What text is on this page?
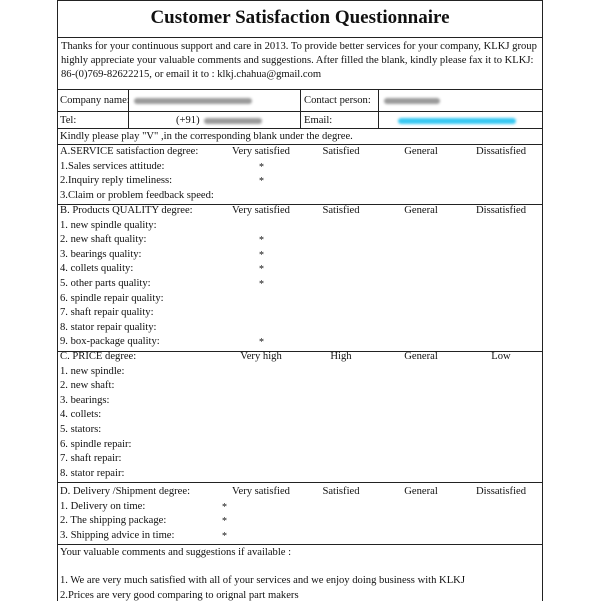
Customer Satisfaction Questionnaire
Thanks for your continuous support and care in 2013. To provide better services for your company, KLKJ group highly appreciate your valuable comments and suggestions. After filled the blank, kindly please fax it to KLKJ: 86-(0)769-82622215, or email it to : klkj.chahua@gmail.com
Company name:	Contact person:
Tel:	(+91)	Email:
Kindly please play "V" ,in the corresponding blank under the degree.
A.SERVICE satisfaction degree:	Very satisfied	Satisfied	General	Dissatisfied
1.Sales services attitude:	*
2.Inquiry reply timeliness:	*
3.Claim or problem feedback speed:
B. Products QUALITY degree:	Very satisfied	Satisfied	General	Dissatisfied
1. new spindle quality:
2. new shaft quality:	*
3. bearings quality:	*
4. collets quality:	*
5. other parts quality:	*
6. spindle repair quality:
7. shaft repair quality:
8. stator repair quality:
9. box-package quality:	*
C. PRICE degree:	Very high	High	General	Low
1. new spindle:
2. new shaft:
3. bearings:
4. collets:
5. stators:
6. spindle repair:
7. shaft repair:
8. stator repair:
D. Delivery /Shipment degree:	Very satisfied	Satisfied	General	Dissatisfied
1. Delivery on time:	*
2. The shipping package:	*
3. Shipping advice in time:	*
Your valuable comments and suggestions if available :
1. We are very much satisfied with all of your services and we enjoy doing business with KLKJ
2.Prices are very good comparing to orignal part makers
